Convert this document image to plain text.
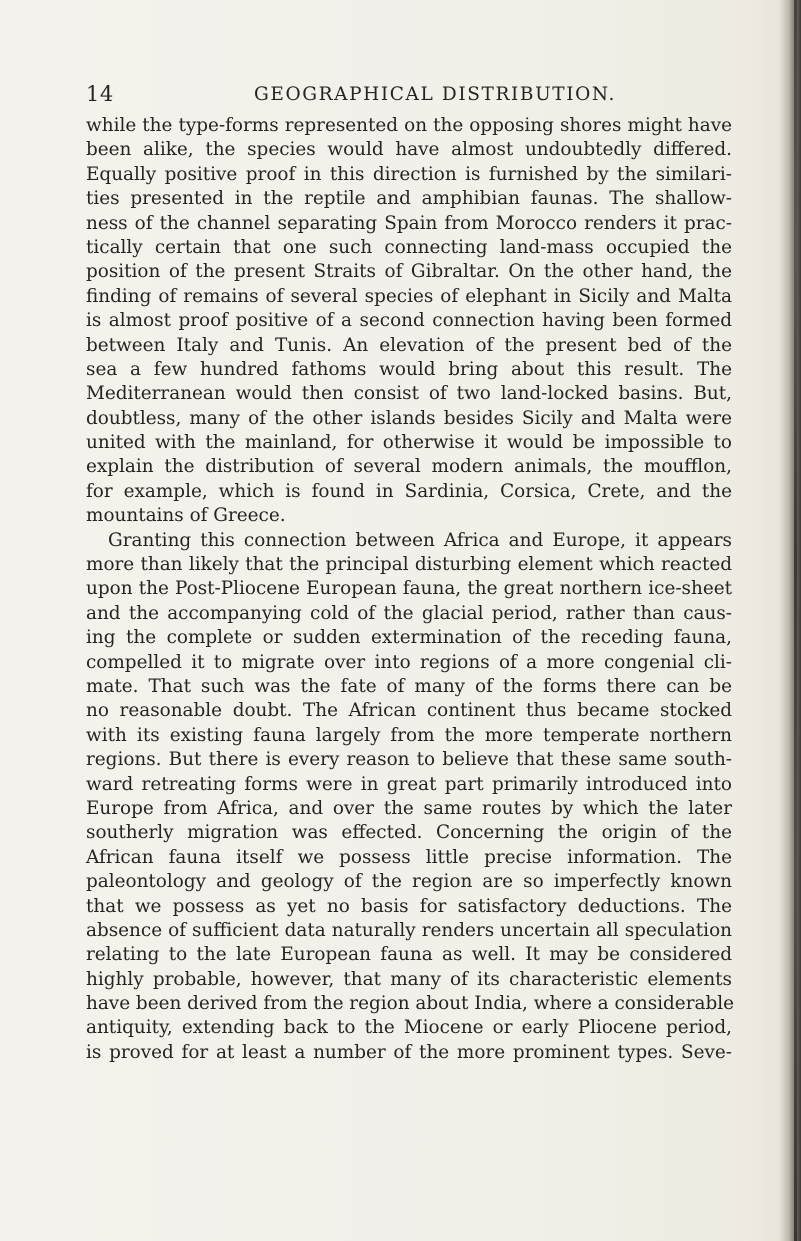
14	GEOGRAPHICAL DISTRIBUTION.
while the type-forms represented on the opposing shores might have
been alike, the species would have almost undoubtedly differed.
Equally positive proof in this direction is furnished by the similari-
ties presented in the reptile and amphibian faunas. The shallow-
ness of the channel separating Spain from Morocco renders it prac-
tically certain that one such connecting land-mass occupied the
position of the present Straits of Gibraltar. On the other hand, the
finding of remains of several species of elephant in Sicily and Malta
is almost proof positive of a second connection having been formed
between Italy and Tunis. An elevation of the present bed of the
sea a few hundred fathoms would bring about this result. The
Mediterranean would then consist of two land-locked basins. But,
doubtless, many of the other islands besides Sicily and Malta were
united with the mainland, for otherwise it would be impossible to
explain the distribution of several modern animals, the moufflon,
for example, which is found in Sardinia, Corsica, Crete, and the
mountains of Greece.
Granting this connection between Africa and Europe, it appears
more than likely that the principal disturbing element which reacted
upon the Post-Pliocene European fauna, the great northern ice-sheet
and the accompanying cold of the glacial period, rather than caus-
ing the complete or sudden extermination of the receding fauna,
compelled it to migrate over into regions of a more congenial cli-
mate. That such was the fate of many of the forms there can be
no reasonable doubt. The African continent thus became stocked
with its existing fauna largely from the more temperate northern
regions. But there is every reason to believe that these same south-
ward retreating forms were in great part primarily introduced into
Europe from Africa, and over the same routes by which the later
southerly migration was effected. Concerning the origin of the
African fauna itself we possess little precise information. The
paleontology and geology of the region are so imperfectly known
that we possess as yet no basis for satisfactory deductions. The
absence of sufficient data naturally renders uncertain all speculation
relating to the late European fauna as well. It may be considered
highly probable, however, that many of its characteristic elements
have been derived from the region about India, where a considerable
antiquity, extending back to the Miocene or early Pliocene period,
is proved for at least a number of the more prominent types. Seve-
